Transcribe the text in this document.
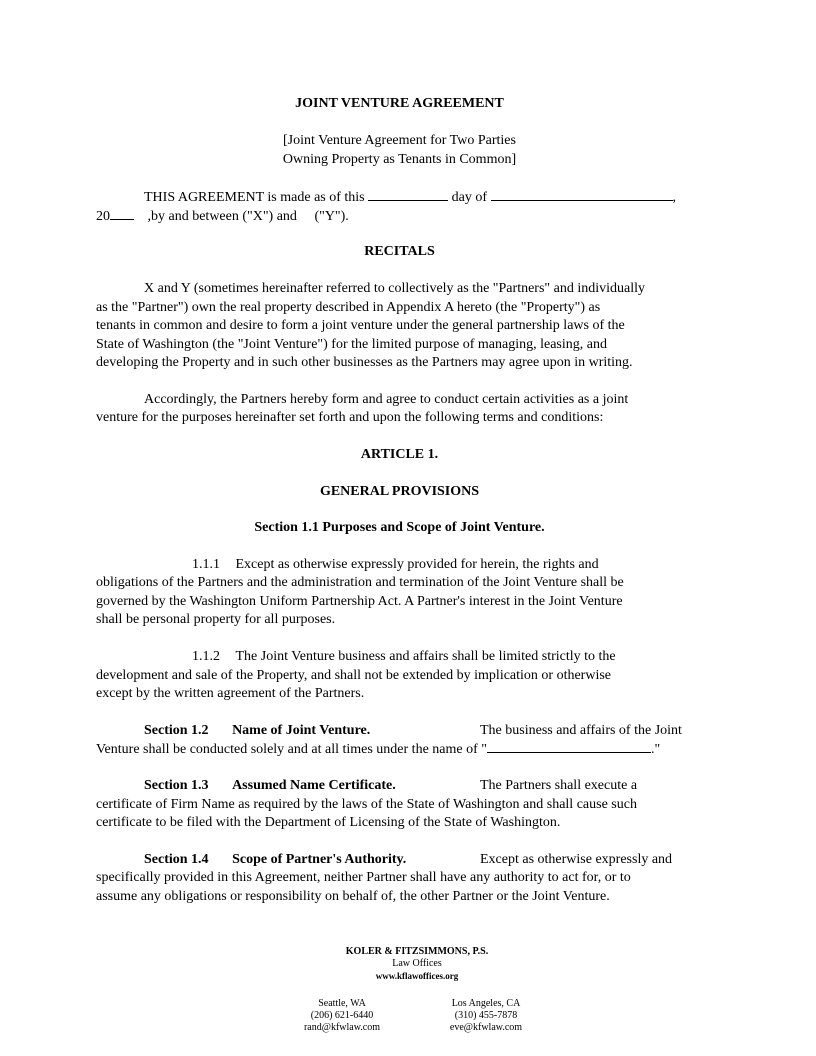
JOINT VENTURE AGREEMENT
[Joint Venture Agreement for Two Parties
Owning Property as Tenants in Common]
THIS AGREEMENT is made as of this	day of	,
20	,by and between ("X") and ("Y").
RECITALS
X and Y (sometimes hereinafter referred to collectively as the "Partners" and individually
as the "Partner") own the real property described in Appendix A hereto (the "Property") as
tenants in common and desire to form a joint venture under the general partnership laws of the
State of Washington (the "Joint Venture") for the limited purpose of managing, leasing, and
developing the Property and in such other businesses as the Partners may agree upon in writing.
Accordingly, the Partners hereby form and agree to conduct certain activities as a joint
venture for the purposes hereinafter set forth and upon the following terms and conditions:
ARTICLE 1.
GENERAL PROVISIONS
Section 1.1 Purposes and Scope of Joint Venture.
1.1.1 Except as otherwise expressly provided for herein, the rights and
obligations of the Partners and the administration and termination of the Joint Venture shall be
governed by the Washington Uniform Partnership Act. A Partner's interest in the Joint Venture
shall be personal property for all purposes.
1.1.2 The Joint Venture business and affairs shall be limited strictly to the
development and sale of the Property, and shall not be extended by implication or otherwise
except by the written agreement of the Partners.
Section 1.2 Name of Joint Venture.	The business and affairs of the Joint
Venture shall be conducted solely and at all times under the name of "	."
Section 1.3 Assumed Name Certificate.	The Partners shall execute a
certificate of Firm Name as required by the laws of the State of Washington and shall cause such
certificate to be filed with the Department of Licensing of the State of Washington.
Section 1.4 Scope of Partner's Authority.	Except as otherwise expressly and
specifically provided in this Agreement, neither Partner shall have any authority to act for, or to
assume any obligations or responsibility on behalf of, the other Partner or the Joint Venture.
KOLER & FITZSIMMONS, P.S.
Law Offices
www.kflawoffices.org
Seattle, WA
(206) 621-6440
rand@kfwlaw.com
Los Angeles, CA
(310) 455-7878
eve@kfwlaw.com
